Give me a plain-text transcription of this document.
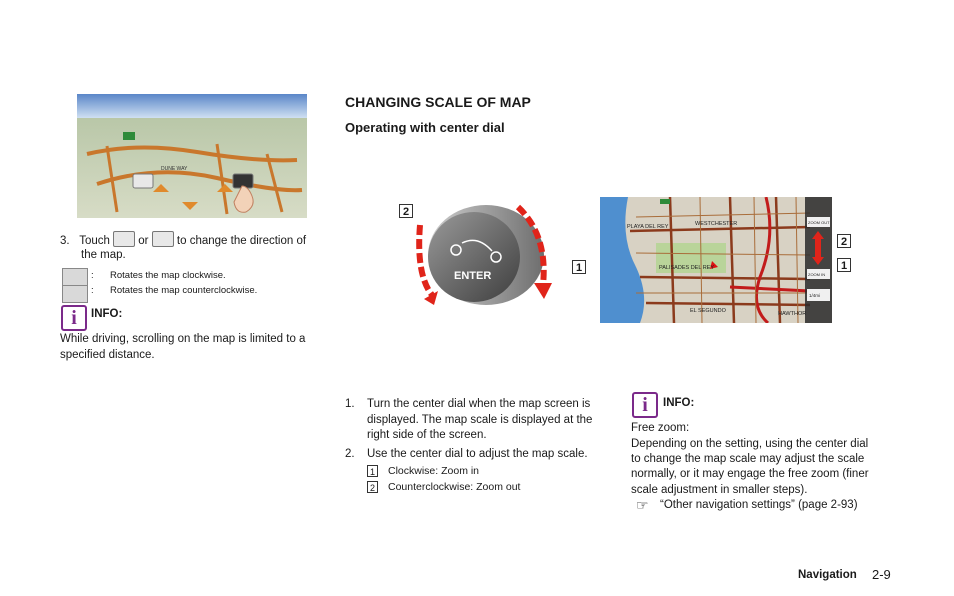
DUNE WAY
3. Touch or to change the direction of
the map.
: Rotates the map clockwise.
: Rotates the map counterclockwise.
i INFO:
While driving, scrolling on the map is limited to a
specified distance.
CHANGING SCALE OF MAP
Operating with center dial
ENTER
2
1
PLAYA DEL REY	WESTCHESTER
PALISADES DEL REY
EL SEGUNDO	HAWTHOR
ZOOM OUT
ZOOM IN
1/4mi
2
1
1. Turn the center dial when the map screen is
displayed. The map scale is displayed at the
right side of the screen.
2. Use the center dial to adjust the map scale.
1 Clockwise: Zoom in
2 Counterclockwise: Zoom out
i INFO:
Free zoom:
Depending on the setting, using the center dial
to change the map scale may adjust the scale
normally, or it may engage the free zoom (finer
scale adjustment in smaller steps).
☞ “Other navigation settings” (page 2-93)
Navigation 2-9
